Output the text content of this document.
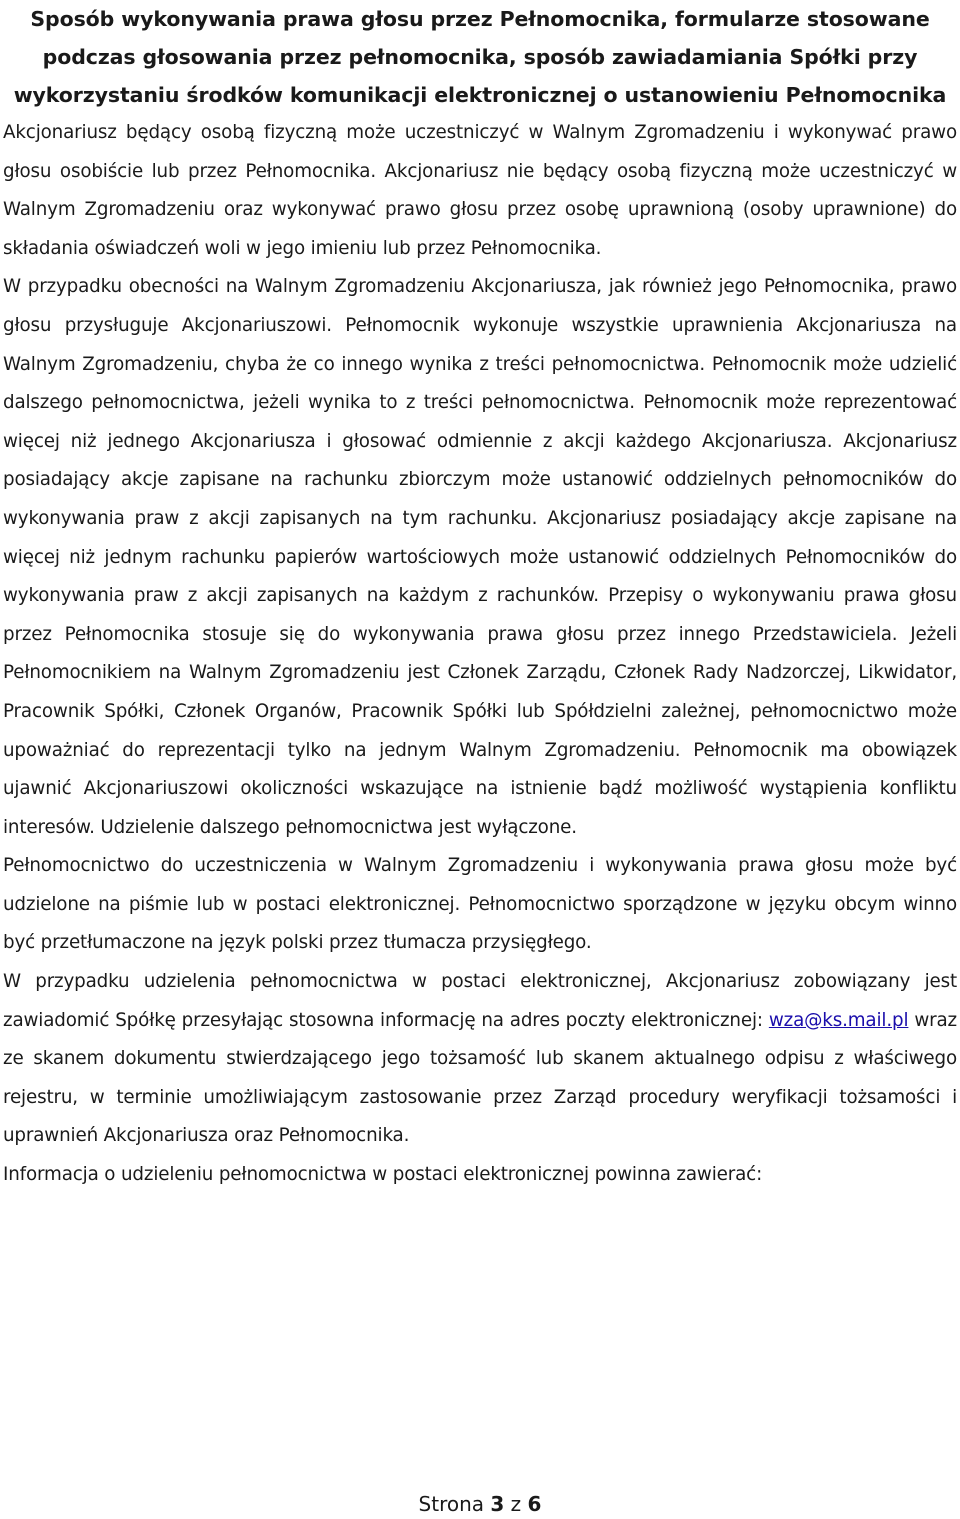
Sposób wykonywania prawa głosu przez Pełnomocnika, formularze stosowane podczas głosowania przez pełnomocnika, sposób zawiadamiania Spółki przy wykorzystaniu środków komunikacji elektronicznej o ustanowieniu Pełnomocnika

Akcjonariusz będący osobą fizyczną może uczestniczyć w Walnym Zgromadzeniu i wykonywać prawo głosu osobiście lub przez Pełnomocnika. Akcjonariusz nie będący osobą fizyczną może uczestniczyć w Walnym Zgromadzeniu oraz wykonywać prawo głosu przez osobę uprawnioną (osoby uprawnione) do składania oświadczeń woli w jego imieniu lub przez Pełnomocnika.

W przypadku obecności na Walnym Zgromadzeniu Akcjonariusza, jak również jego Pełnomocnika, prawo głosu przysługuje Akcjonariuszowi. Pełnomocnik wykonuje wszystkie uprawnienia Akcjonariusza na Walnym Zgromadzeniu, chyba że co innego wynika z treści pełnomocnictwa. Pełnomocnik może udzielić dalszego pełnomocnictwa, jeżeli wynika to z treści pełnomocnictwa. Pełnomocnik może reprezentować więcej niż jednego Akcjonariusza i głosować odmiennie z akcji każdego Akcjonariusza. Akcjonariusz posiadający akcje zapisane na rachunku zbiorczym może ustanowić oddzielnych pełnomocników do wykonywania praw z akcji zapisanych na tym rachunku. Akcjonariusz posiadający akcje zapisane na więcej niż jednym rachunku papierów wartościowych może ustanowić oddzielnych Pełnomocników do wykonywania praw z akcji zapisanych na każdym z rachunków. Przepisy o wykonywaniu prawa głosu przez Pełnomocnika stosuje się do wykonywania prawa głosu przez innego Przedstawiciela. Jeżeli Pełnomocnikiem na Walnym Zgromadzeniu jest Członek Zarządu, Członek Rady Nadzorczej, Likwidator, Pracownik Spółki, Członek Organów, Pracownik Spółki lub Spółdzielni zależnej, pełnomocnictwo może upoważniać do reprezentacji tylko na jednym Walnym Zgromadzeniu. Pełnomocnik ma obowiązek ujawnić Akcjonariuszowi okoliczności wskazujące na istnienie bądź możliwość wystąpienia konfliktu interesów. Udzielenie dalszego pełnomocnictwa jest wyłączone.

Pełnomocnictwo do uczestniczenia w Walnym Zgromadzeniu i wykonywania prawa głosu może być udzielone na piśmie lub w postaci elektronicznej. Pełnomocnictwo sporządzone w języku obcym winno być przetłumaczone na język polski przez tłumacza przysięgłego.

W przypadku udzielenia pełnomocnictwa w postaci elektronicznej, Akcjonariusz zobowiązany jest zawiadomić Spółkę przesyłając stosowna informację na adres poczty elektronicznej: wza@ks.mail.pl wraz ze skanem dokumentu stwierdzającego jego tożsamość lub skanem aktualnego odpisu z właściwego rejestru, w terminie umożliwiającym zastosowanie przez Zarząd procedury weryfikacji tożsamości i uprawnień Akcjonariusza oraz Pełnomocnika.

Informacja o udzieleniu pełnomocnictwa w postaci elektronicznej powinna zawierać:

Strona 3 z 6
